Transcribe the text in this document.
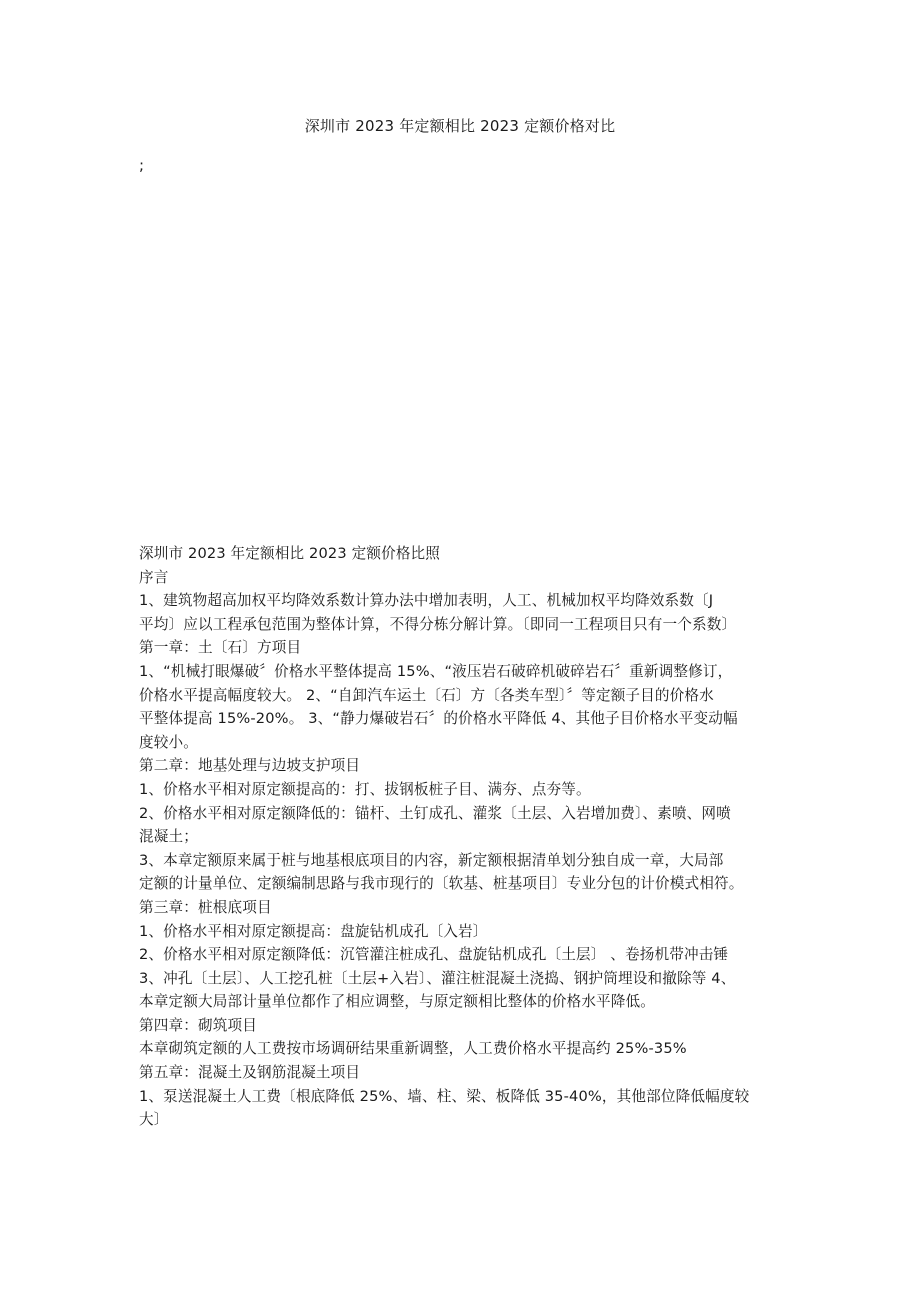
深圳市 2023 年定额相比 2023 定额价格对比
;
深圳市 2023 年定额相比 2023 定额价格比照
序言
1、建筑物超高加权平均降效系数计算办法中增加表明，人工、机械加权平均降效系数〔J
平均〕应以工程承包范围为整体计算，不得分栋分解计算。〔即同一工程项目只有一个系数〕
第一章：土〔石〕方项目
1、“机械打眼爆破〞价格水平整体提高 15%、“液压岩石破碎机破碎岩石〞重新调整修订，
价格水平提高幅度较大。 2、“自卸汽车运土〔石〕方〔各类车型〕〞等定额子目的价格水
平整体提高 15%-20%。 3、“静力爆破岩石〞的价格水平降低 4、其他子目价格水平变动幅
度较小。
第二章：地基处理与边坡支护项目
1、价格水平相对原定额提高的：打、拔钢板桩子目、满夯、点夯等。
2、价格水平相对原定额降低的：锚杆、土钉成孔、灌浆〔土层、入岩增加费〕、素喷、网喷
混凝土；
3、本章定额原来属于桩与地基根底项目的内容，新定额根据清单划分独自成一章，大局部
定额的计量单位、定额编制思路与我市现行的〔软基、桩基项目〕专业分包的计价模式相符。
第三章：桩根底项目
1、价格水平相对原定额提高：盘旋钻机成孔〔入岩〕
2、价格水平相对原定额降低：沉管灌注桩成孔、盘旋钻机成孔〔土层〕 、卷扬机带冲击锤
3、冲孔〔土层〕、人工挖孔桩〔土层+入岩〕、灌注桩混凝土浇捣、钢护筒埋设和撤除等 4、
本章定额大局部计量单位都作了相应调整，与原定额相比整体的价格水平降低。
第四章：砌筑项目
本章砌筑定额的人工费按市场调研结果重新调整，人工费价格水平提高约 25%-35%
第五章：混凝土及钢筋混凝土项目
1、泵送混凝土人工费〔根底降低 25%、墙、柱、梁、板降低 35-40%，其他部位降低幅度较
大〕
